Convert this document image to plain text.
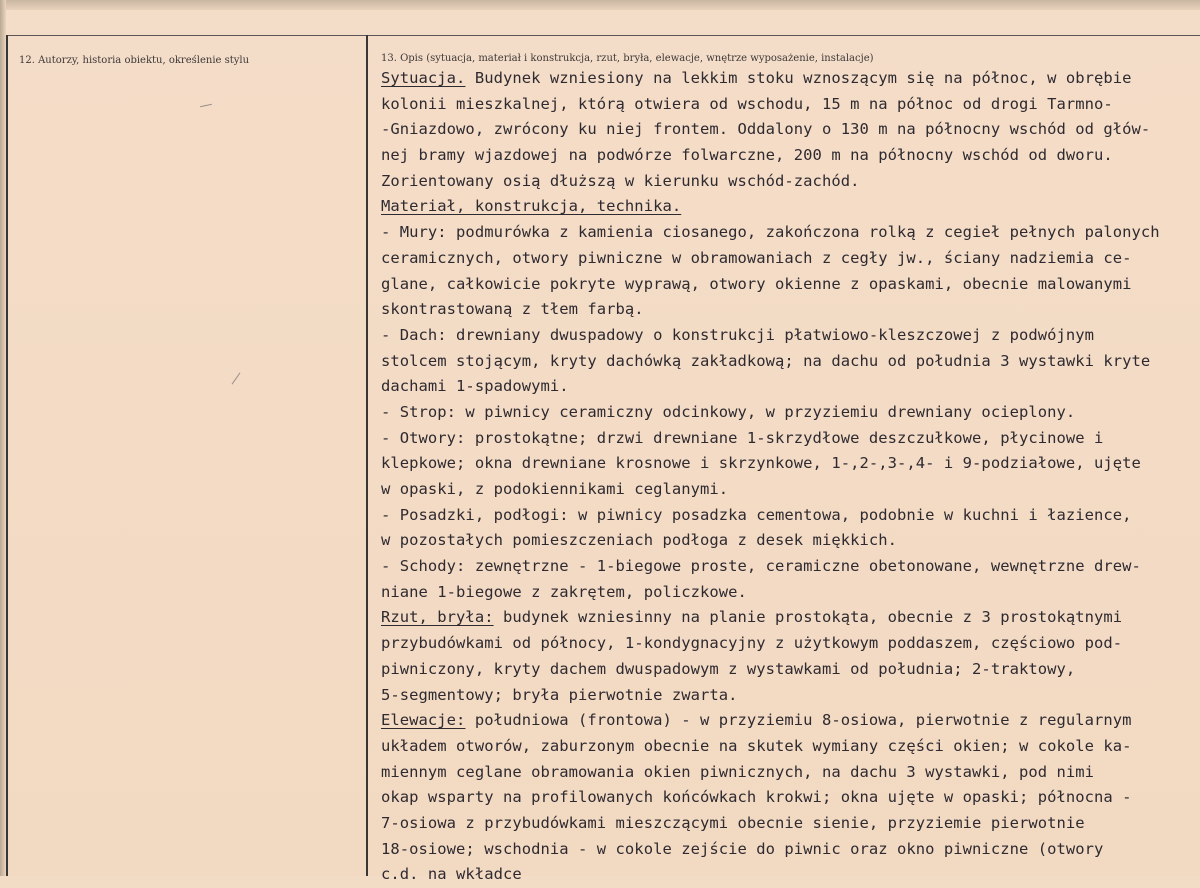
12. Autorzy, historia obiektu, określenie stylu	13. Opis (sytuacja, materiał i konstrukcja, rzut, bryła, elewacje, wnętrze wyposażenie, instalacje)
Sytuacja. Budynek wzniesiony na lekkim stoku wznoszącym się na północ, w obrębie
kolonii mieszkalnej, którą otwiera od wschodu, 15 m na północ od drogi Tarmno-
-Gniazdowo, zwrócony ku niej frontem. Oddalony o 130 m na północny wschód od głów-
nej bramy wjazdowej na podwórze folwarczne, 200 m na północny wschód od dworu.
Zorientowany osią dłuższą w kierunku wschód-zachód.
Materiał, konstrukcja, technika.
- Mury: podmurówka z kamienia ciosanego, zakończona rolką z cegieł pełnych palonych
ceramicznych, otwory piwniczne w obramowaniach z cegły jw., ściany nadziemia ce-
glane, całkowicie pokryte wyprawą, otwory okienne z opaskami, obecnie malowanymi
skontrastowaną z tłem farbą.
- Dach: drewniany dwuspadowy o konstrukcji płatwiowo-kleszczowej z podwójnym
stolcem stojącym, kryty dachówką zakładkową; na dachu od południa 3 wystawki kryte
dachami 1-spadowymi.
- Strop: w piwnicy ceramiczny odcinkowy, w przyziemiu drewniany ocieplony.
- Otwory: prostokątne; drzwi drewniane 1-skrzydłowe deszczułkowe, płycinowe i
klepkowe; okna drewniane krosnowe i skrzynkowe, 1-,2-,3-,4- i 9-podziałowe, ujęte
w opaski, z podokiennikami ceglanymi.
- Posadzki, podłogi: w piwnicy posadzka cementowa, podobnie w kuchni i łazience,
w pozostałych pomieszczeniach podłoga z desek miękkich.
- Schody: zewnętrzne - 1-biegowe proste, ceramiczne obetonowane, wewnętrzne drew-
niane 1-biegowe z zakrętem, policzkowe.
Rzut, bryła: budynek wzniesinny na planie prostokąta, obecnie z 3 prostokątnymi
przybudówkami od północy, 1-kondygnacyjny z użytkowym poddaszem, częściowo pod-
piwniczony, kryty dachem dwuspadowym z wystawkami od południa; 2-traktowy,
5-segmentowy; bryła pierwotnie zwarta.
Elewacje: południowa (frontowa) - w przyziemiu 8-osiowa, pierwotnie z regularnym
układem otworów, zaburzonym obecnie na skutek wymiany części okien; w cokole ka-
miennym ceglane obramowania okien piwnicznych, na dachu 3 wystawki, pod nimi
okap wsparty na profilowanych końcówkach krokwi; okna ujęte w opaski; północna -
7-osiowa z przybudówkami mieszczącymi obecnie sienie, przyziemie pierwotnie
18-osiowe; wschodnia - w cokole zejście do piwnic oraz okno piwniczne (otwory
c.d. na wkładce
